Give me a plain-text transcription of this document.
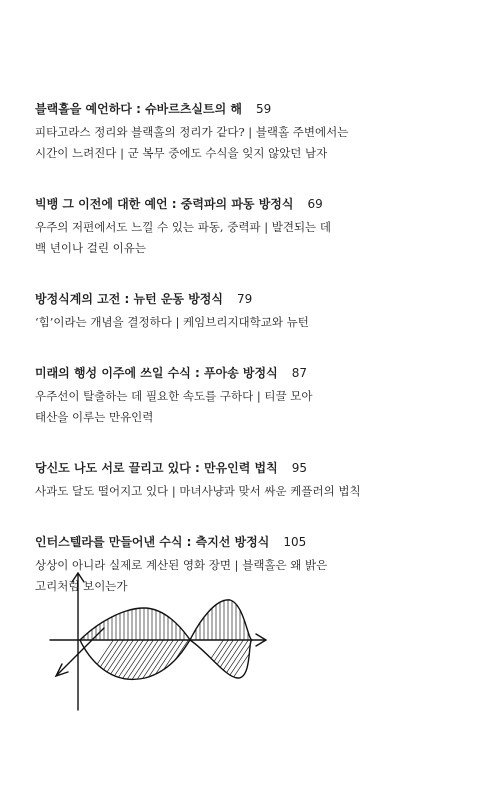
블랙홀을 예언하다 : 슈바르츠실트의 해 59
피타고라스 정리와 블랙홀의 정리가 같다? | 블랙홀 주변에서는
시간이 느려진다 | 군 복무 중에도 수식을 잊지 않았던 남자
빅뱅 그 이전에 대한 예언 : 중력파의 파동 방정식 69
우주의 저편에서도 느낄 수 있는 파동, 중력파 | 발견되는 데
백 년이나 걸린 이유는
방정식계의 고전 : 뉴턴 운동 방정식 79
‘힘’이라는 개념을 결정하다 | 케임브리지대학교와 뉴턴
미래의 행성 이주에 쓰일 수식 : 푸아송 방정식 87
우주선이 탈출하는 데 필요한 속도를 구하다 | 티끌 모아
태산을 이루는 만유인력
당신도 나도 서로 끌리고 있다 : 만유인력 법칙 95
사과도 달도 떨어지고 있다 | 마녀사냥과 맞서 싸운 케플러의 법칙
인터스텔라를 만들어낸 수식 : 측지선 방정식 105
상상이 아니라 실제로 계산된 영화 장면 | 블랙홀은 왜 밝은
고리처럼 보이는가
